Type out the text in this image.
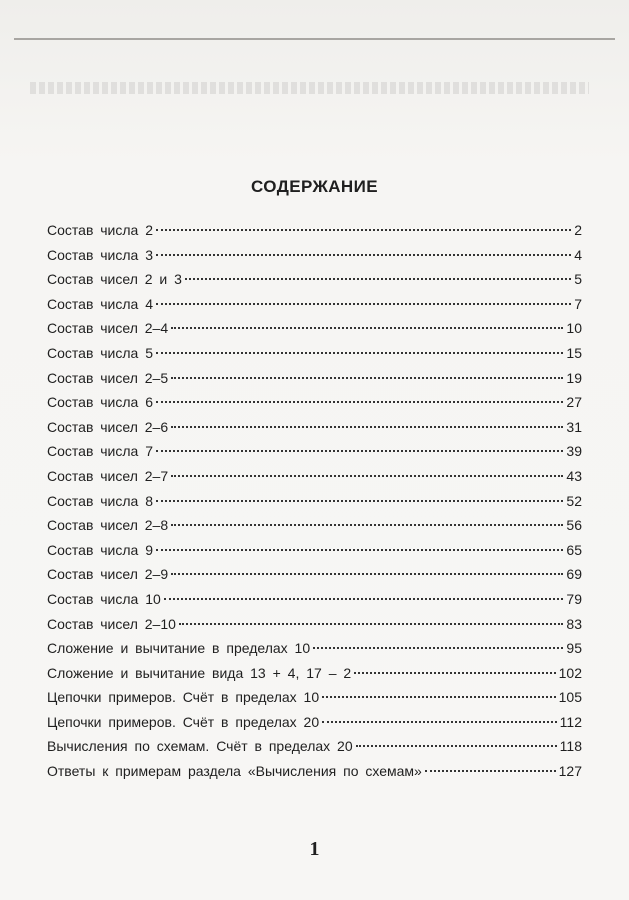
СОДЕРЖАНИЕ
Состав числа 2	2
Состав числа 3	4
Состав чисел 2 и 3	5
Состав числа 4	7
Состав чисел 2–4	10
Состав числа 5	15
Состав чисел 2–5	19
Состав числа 6	27
Состав чисел 2–6	31
Состав числа 7	39
Состав чисел 2–7	43
Состав числа 8	52
Состав чисел 2–8	56
Состав числа 9	65
Состав чисел 2–9	69
Состав числа 10	79
Состав чисел 2–10	83
Сложение и вычитание в пределах 10	95
Сложение и вычитание вида 13 + 4, 17 – 2	102
Цепочки примеров. Счёт в пределах 10	105
Цепочки примеров. Счёт в пределах 20	112
Вычисления по схемам. Счёт в пределах 20	118
Ответы к примерам раздела «Вычисления по схемам»	127
1
